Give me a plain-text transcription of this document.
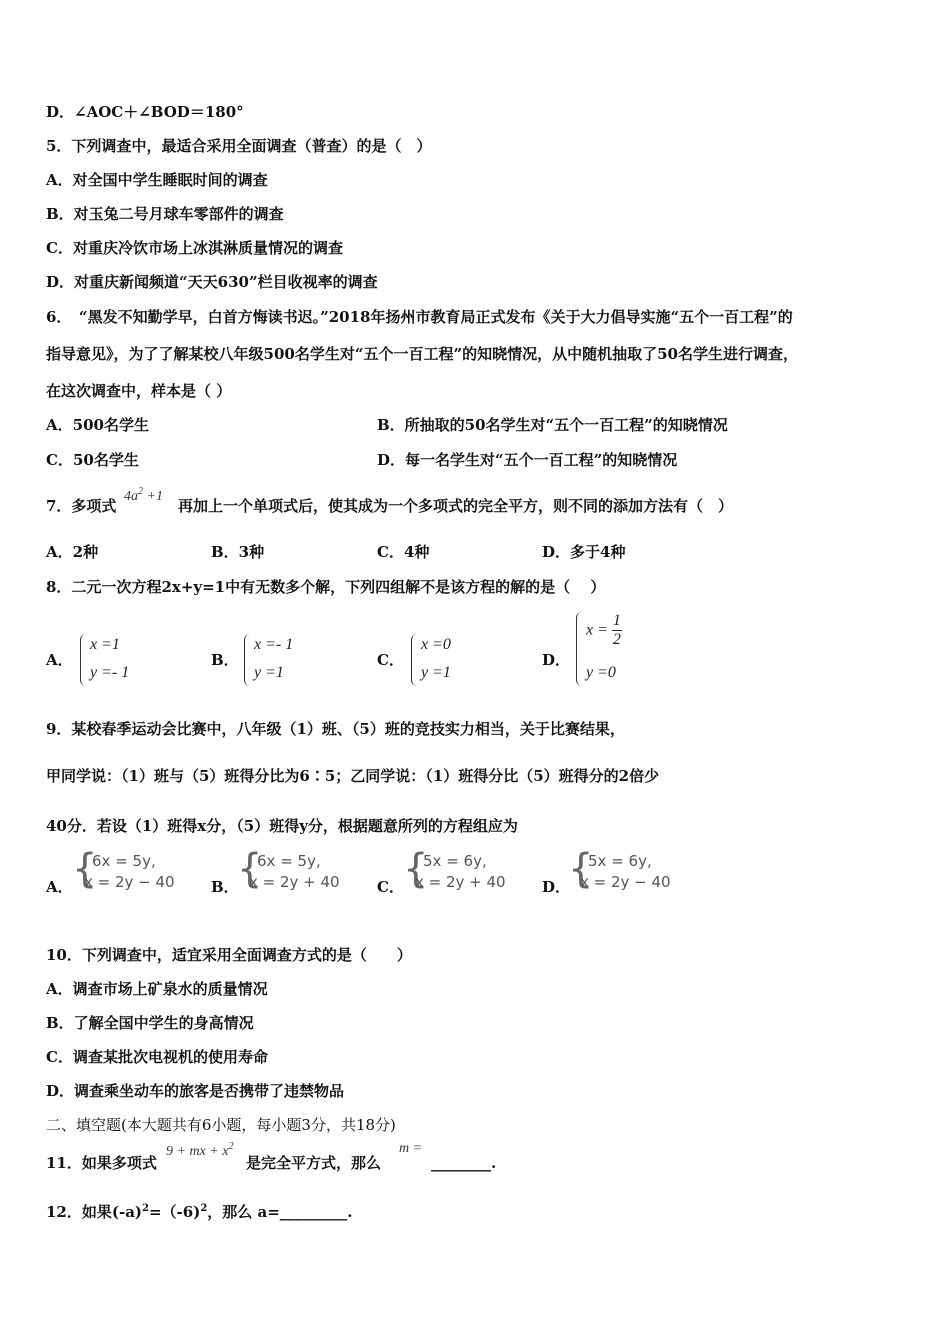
D．∠AOC＋∠BOD＝180°
5．下列调查中，最适合采用全面调查（普查）的是（　）
A．对全国中学生睡眠时间的调查
B．对玉兔二号月球车零部件的调查
C．对重庆冷饮市场上冰淇淋质量情况的调查
D．对重庆新闻频道“天天630”栏目收视率的调查
6．　“黑发不知勤学早，白首方悔读书迟。”2018年扬州市教育局正式发布《关于大力倡导实施“五个一百工程”的
指导意见》，为了了解某校八年级500名学生对“五个一百工程”的知晓情况，从中随机抽取了50名学生进行调查，
在这次调查中，样本是（ ）
A．500名学生	B．所抽取的50名学生对“五个一百工程”的知晓情况
C．50名学生	D．每一名学生对“五个一百工程”的知晓情况
7．多项式
$4a^2 +1$
再加上一个单项式后，使其成为一个多项式的完全平方，则不同的添加方法有（　）
A．2种	B．3种	C．4种	D．多于4种
8．二元一次方程2x+y=1中有无数多个解，下列四组解不是该方程的解的是（　 ）
A．
x =1
y =- 1
B．
x =- 1
y =1
C．
x =0
y =1
D．
$x = \frac{1}{2}$
y =0
9．某校春季运动会比赛中，八年级（1）班、（5）班的竞技实力相当，关于比赛结果，
甲同学说：（1）班与（5）班得分比为6∶5；乙同学说：（1）班得分比（5）班得分的2倍少
40分．若设（1）班得x分，（5）班得y分，根据题意所列的方程组应为
A． {
6x = 5y,
x = 2y − 40 B．
{
6x = 5y,
x = 2y + 40 C． {
5x = 6y,
x = 2y + 40 D．
{
5x = 6y,
x = 2y − 40
10．下列调查中，适宜采用全面调查方式的是（　　）
A．调查市场上矿泉水的质量情况
B．了解全国中学生的身高情况
C．调查某批次电视机的使用寿命
D．调查乘坐动车的旅客是否携带了违禁物品
二、填空题(本大题共有6小题，每小题3分，共18分)
11．如果多项式
9 + mx + $x^2$
是完全平方式，那么
m =
________.
12．如果$(-a)^2=(-6)^2$，那么 a=_________.
